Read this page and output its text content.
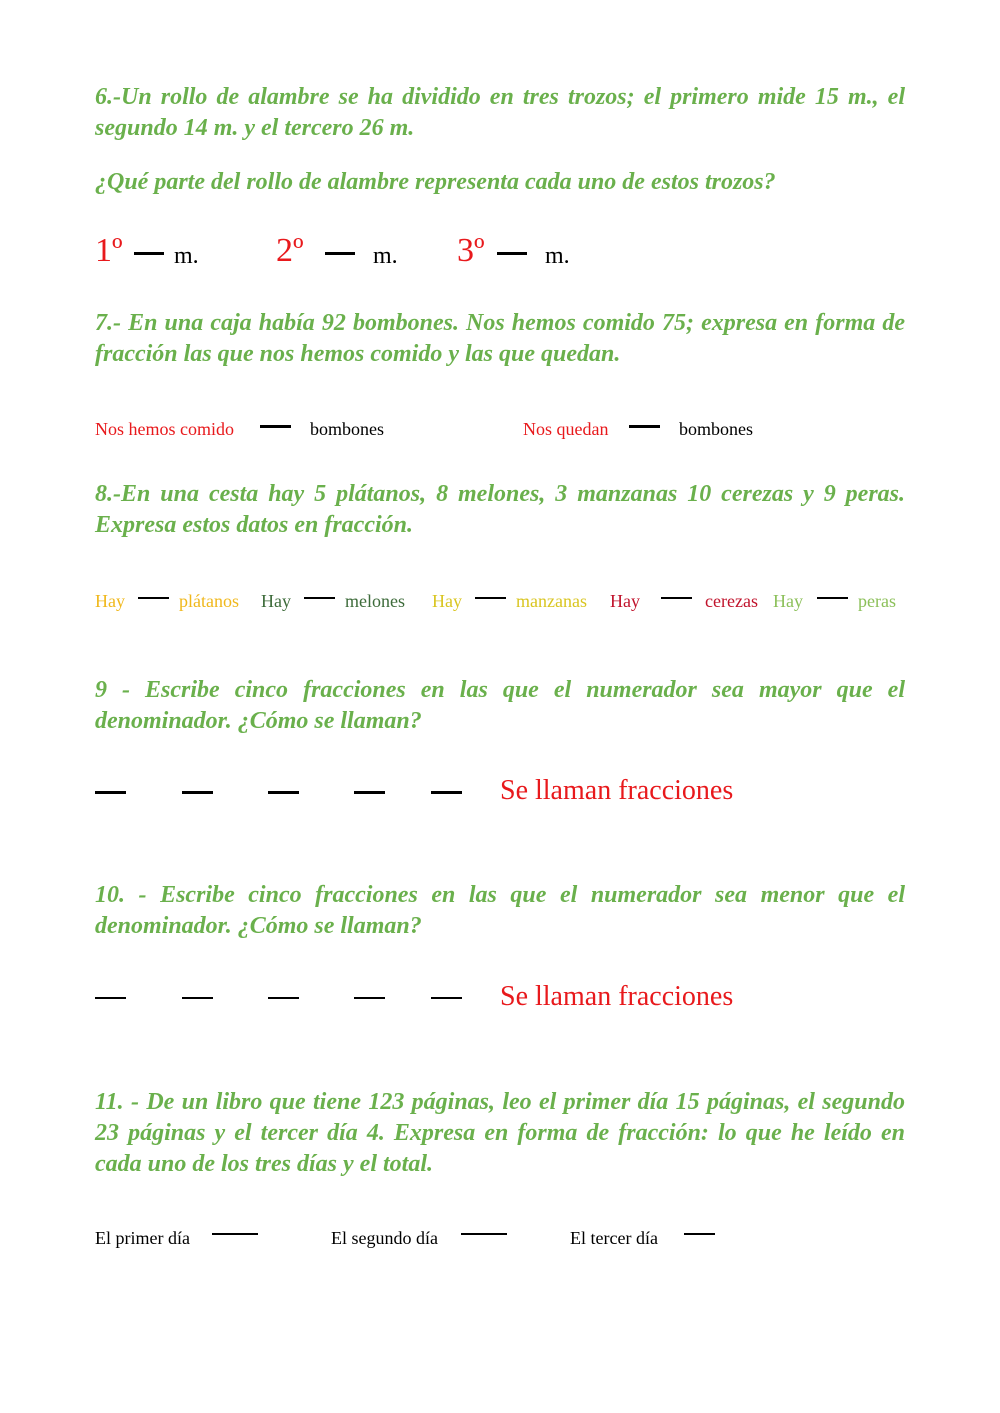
6.-Un rollo de alambre se ha dividido en tres trozos; el primero mide 15 m., el segundo 14 m. y el tercero 26 m.
¿Qué parte del rollo de alambre representa cada uno de estos trozos?
1º m. 2º	m. 3º	m.
7.- En una caja había 92 bombones. Nos hemos comido 75; expresa en forma de fracción las que nos hemos comido y las que quedan.
Nos hemos comido	bombones	Nos quedan	bombones
8.-En una cesta hay 5 plátanos, 8 melones, 3 manzanas 10 cerezas y 9 peras. Expresa estos datos en fracción.
Hay	plátanos Hay	melones Hay	manzanas Hay	cerezas Hay	peras
9 - Escribe cinco fracciones en las que el numerador sea mayor que el denominador. ¿Cómo se llaman?
Se llaman fracciones
10. - Escribe cinco fracciones en las que el numerador sea menor que el denominador. ¿Cómo se llaman?
Se llaman fracciones
11. - De un libro que tiene 123 páginas, leo el primer día 15 páginas, el segundo 23 páginas y el tercer día 4. Expresa en forma de fracción: lo que he leído en cada uno de los tres días y el total.
El primer día	El segundo día	El tercer día
